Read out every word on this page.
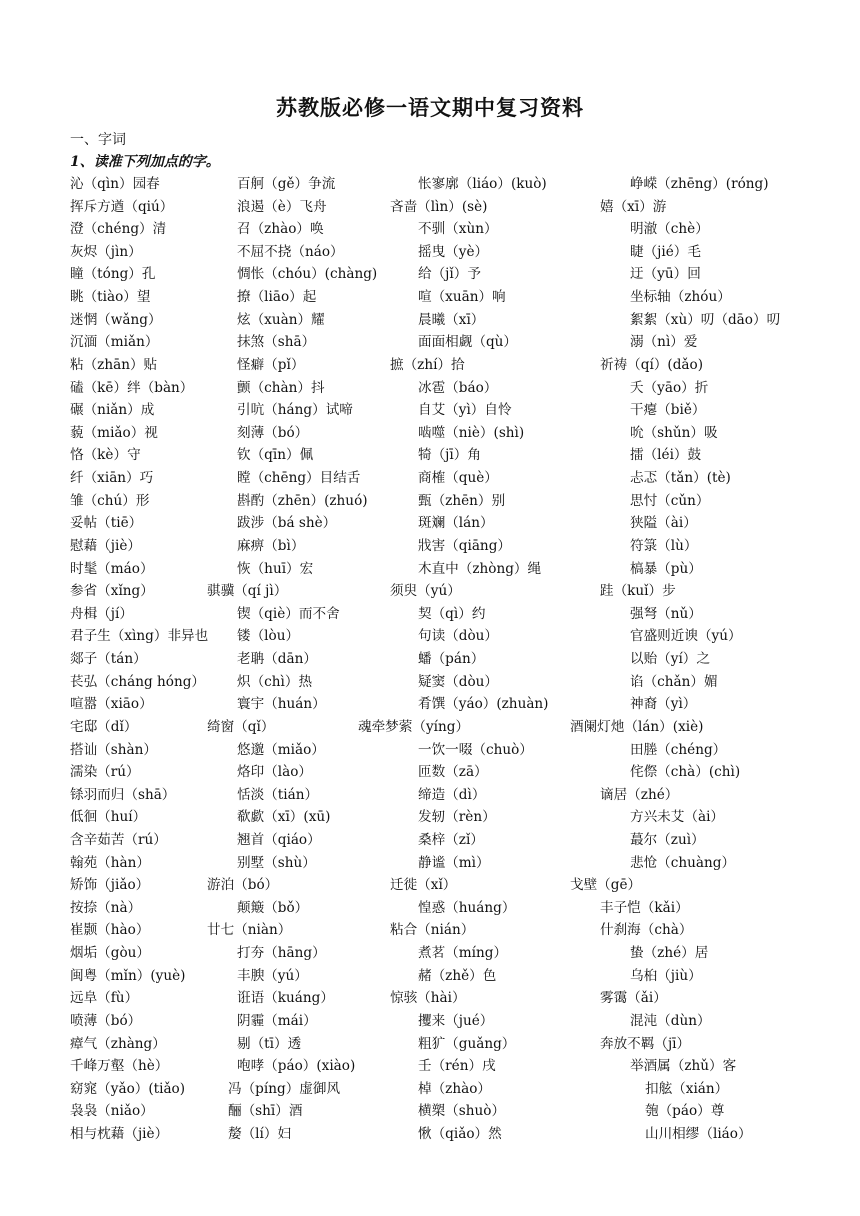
苏教版必修一语文期中复习资料

一、字词

1、读准下列加点的字。

沁（qìn）园春	百舸（gě）争流	怅寥廓（liáo）(kuò)	峥嵘（zhēng）(róng)
挥斥方遒（qiú）	浪遏（è）飞舟	吝啬（lìn）(sè)	嬉（xī）游
澄（chéng）清	召（zhào）唤	不驯（xùn）	明澈（chè）
灰烬（jìn）	不屈不挠（náo）	摇曳（yè）	睫（jié）毛
瞳（tóng）孔	惆怅（chóu）(chàng)	给（jǐ）予	迂（yū）回
眺（tiào）望	撩（liāo）起	喧（xuān）响	坐标轴（zhóu）
迷惘（wǎng）	炫（xuàn）耀	晨曦（xī）	絮絮（xù）叨（dāo）叨
沉湎（miǎn）	抹煞（shā）	面面相觑（qù）	溺（nì）爱
粘（zhān）贴	怪癖（pǐ）	摭（zhí）拾	祈祷（qí）(dǎo)
磕（kē）绊（bàn）	颤（chàn）抖	冰雹（báo）	夭（yāo）折
碾（niǎn）成	引吭（háng）试啼	自艾（yì）自怜	干瘪（biě）
藐（miǎo）视	刻薄（bó）	啮噬（niè）(shì)	吮（shǔn）吸
恪（kè）守	钦（qīn）佩	犄（jī）角	擂（léi）鼓
纤（xiān）巧	瞠（chēng）目结舌	商榷（què）	忐忑（tǎn）(tè)
雏（chú）形	斟酌（zhēn）(zhuó)	甄（zhēn）别	思忖（cǔn）
妥帖（tiē）	跋涉（bá shè）	斑斓（lán）	狭隘（ài）
慰藉（jiè）	麻痹（bì）	戕害（qiāng）	符箓（lù）
时髦（máo）	恢（huī）宏	木直中（zhòng）绳	槁暴（pù）
参省（xǐng）	骐骥（qí jì）	须臾（yú）	跬（kuǐ）步
舟楫（jí）	锲（qiè）而不舍	契（qì）约	强弩（nǔ）
君子生（xìng）非异也 镂（lòu）	句读（dòu）	官盛则近谀（yú）
郯子（tán）	老聃（dān）	蟠（pán）	以贻（yí）之
苌弘（cháng hóng） 炽（chì）热	疑窦（dòu）	谄（chǎn）媚
喧嚣（xiāo）	寰宇（huán）	肴馔（yáo）(zhuàn)	神裔（yì）
宅邸（dǐ）	绮窗（qǐ）	魂牵梦萦（yíng）	酒阑灯灺（lán）(xiè)
搭讪（shàn）	悠邈（miǎo）	一饮一啜（chuò）	田塍（chéng）
濡染（rú）	烙印（lào）	匝数（zā）	侘傺（chà）(chì)
铩羽而归（shā）	恬淡（tián）	缔造（dì）	谪居（zhé）
低徊（huí）	欷歔（xī）(xū)	发轫（rèn）	方兴未艾（ài）
含辛茹苦（rú）	翘首（qiáo）	桑梓（zǐ）	蕞尔（zuì）
翰苑（hàn）	别墅（shù）	静谧（mì）	悲怆（chuàng）
矫饰（jiǎo）	游泊（bó）	迁徙（xǐ）	戈壁（gē）
按捺（nà）	颠簸（bǒ）	惶惑（huáng）	丰子恺（kǎi）
崔颢（hào）	廿七（niàn）	粘合（nián）	什刹海（chà）
烟垢（gòu）	打夯（hāng）	煮茗（míng）	蛰（zhé）居
闽粤（mǐn）(yuè)	丰腴（yú）	赭（zhě）色	乌桕（jiù）
远阜（fù）	诳语（kuáng）	惊骇（hài）	雾霭（ǎi）
喷薄（bó）	阴霾（mái）	攫来（jué）	混沌（dùn）
瘴气（zhàng）	剔（tī）透	粗犷（guǎng）	奔放不羁（jī）
千峰万壑（hè）	咆哮（páo）(xiào)	壬（rén）戌	举酒属（zhǔ）客
窈窕（yǎo）(tiǎo)	冯（píng）虚御风	棹（zhào）	扣舷（xián）
袅袅（niǎo）	酾（shī）酒	横槊（shuò）	匏（páo）尊
相与枕藉（jiè）	嫠（lí）妇	愀（qiǎo）然	山川相缪（liáo）
